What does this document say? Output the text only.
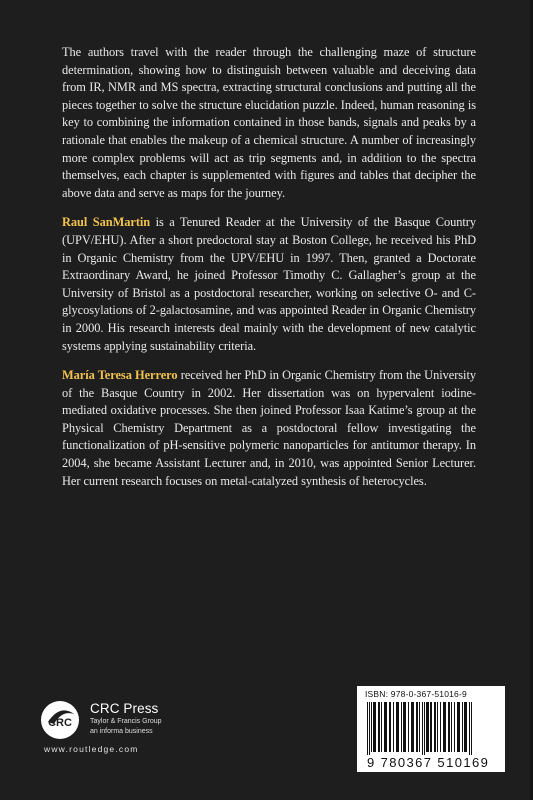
The authors travel with the reader through the challenging maze of structure determination, showing how to distinguish between valuable and deceiving data from IR, NMR and MS spectra, extracting structural conclusions and putting all the pieces together to solve the structure elucidation puzzle. Indeed, human reasoning is key to combining the information contained in those bands, signals and peaks by a rationale that enables the makeup of a chemical structure. A number of increasingly more complex problems will act as trip segments and, in addition to the spectra themselves, each chapter is supplemented with figures and tables that decipher the above data and serve as maps for the journey.

Raul SanMartin is a Tenured Reader at the University of the Basque Country (UPV/EHU). After a short predoctoral stay at Boston College, he received his PhD in Organic Chemistry from the UPV/EHU in 1997. Then, granted a Doctorate Extraordinary Award, he joined Professor Timothy C. Gallagher’s group at the University of Bristol as a postdoctoral researcher, working on selective O- and C-glycosylations of 2-galactosamine, and was appointed Reader in Organic Chemistry in 2000. His research interests deal mainly with the development of new catalytic systems applying sustainability criteria.

María Teresa Herrero received her PhD in Organic Chemistry from the University of the Basque Country in 2002. Her dissertation was on hypervalent iodine-mediated oxidative processes. She then joined Professor Isaa Katime’s group at the Physical Chemistry Department as a postdoctoral fellow investigating the functionalization of pH-sensitive polymeric nanoparticles for antitumor therapy. In 2004, she became Assistant Lecturer and, in 2010, was appointed Senior Lecturer. Her current research focuses on metal-catalyzed synthesis of heterocycles.

CRC
CRC Press
Taylor & Francis Group
an informa business
www.routledge.com
ISBN: 978-0-367-51016-9
9 780367 510169
